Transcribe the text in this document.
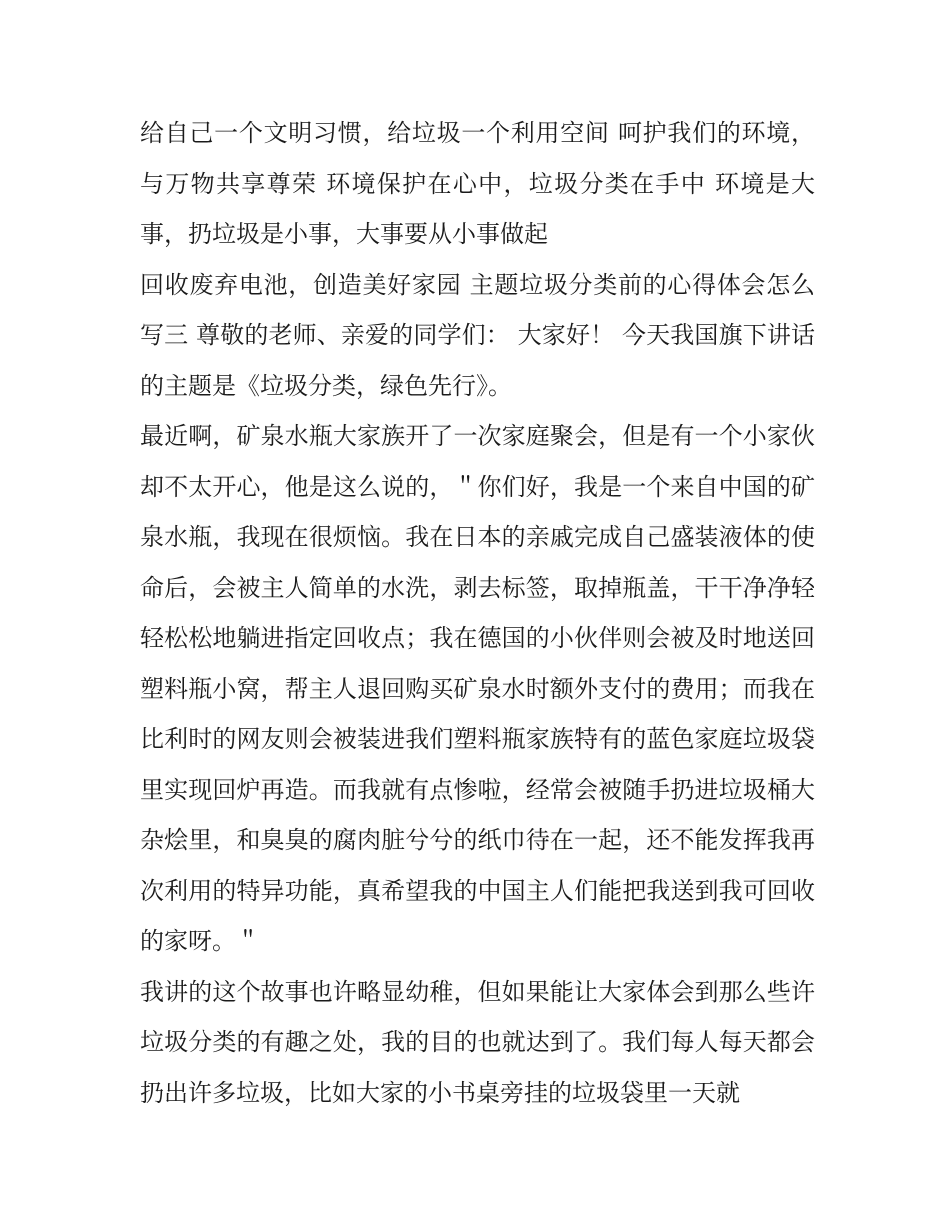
给自己一个文明习惯，给垃圾一个利用空间 呵护我们的环境，与万物共享尊荣 环境保护在心中，垃圾分类在手中 环境是大事，扔垃圾是小事，大事要从小事做起

回收废弃电池，创造美好家园 主题垃圾分类前的心得体会怎么写三 尊敬的老师、亲爱的同学们： 大家好！ 今天我国旗下讲话的主题是《垃圾分类，绿色先行》。

最近啊，矿泉水瓶大家族开了一次家庭聚会，但是有一个小家伙却不太开心，他是这么说的，＂你们好，我是一个来自中国的矿泉水瓶，我现在很烦恼。我在日本的亲戚完成自己盛装液体的使命后，会被主人简单的水洗，剥去标签，取掉瓶盖，干干净净轻轻松松地躺进指定回收点；我在德国的小伙伴则会被及时地送回塑料瓶小窝，帮主人退回购买矿泉水时额外支付的费用；而我在比利时的网友则会被装进我们塑料瓶家族特有的蓝色家庭垃圾袋里实现回炉再造。而我就有点惨啦，经常会被随手扔进垃圾桶大杂烩里，和臭臭的腐肉脏兮兮的纸巾待在一起，还不能发挥我再次利用的特异功能，真希望我的中国主人们能把我送到我可回收的家呀。＂

我讲的这个故事也许略显幼稚，但如果能让大家体会到那么些许垃圾分类的有趣之处，我的目的也就达到了。我们每人每天都会扔出许多垃圾，比如大家的小书桌旁挂的垃圾袋里一天就
